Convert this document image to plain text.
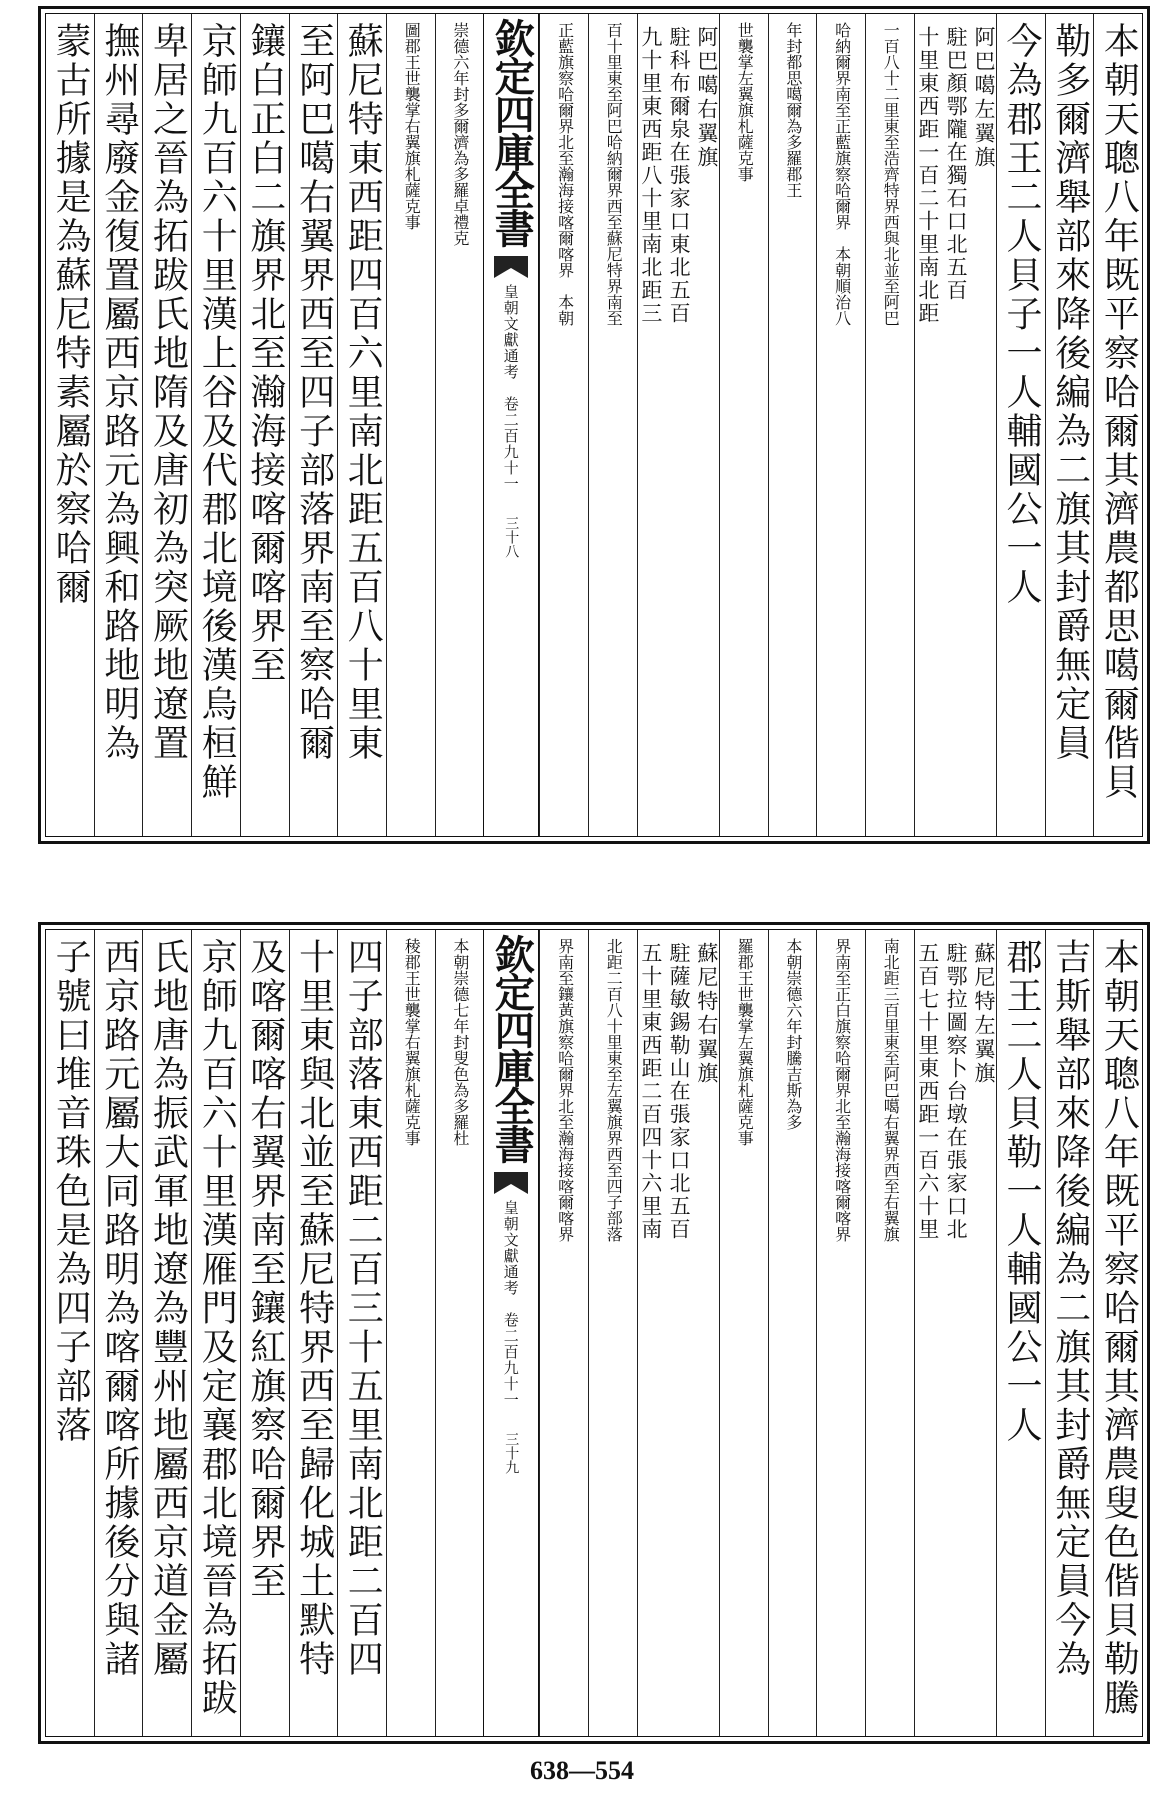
本朝天聰八年既平察哈爾其濟農都思噶爾偕貝
勒多爾濟舉部來降後編為二旗其封爵無定員
今為郡王二人貝子一人輔國公一人
阿巴噶左翼旗
駐巴顏鄂隴在獨石口北五百
十里東西距一百二十里南北距
一百八十二里東至浩齊特界西與北並至阿巴
哈納爾界南至正藍旗察哈爾界　本朝順治八
年封都思噶爾為多羅郡王
世襲掌左翼旗札薩克事
阿巴噶右翼旗
駐科布爾泉在張家口東北五百
九十里東西距八十里南北距三
百十里東至阿巴哈納爾界西至蘇尼特界南至
正藍旗察哈爾界北至瀚海接喀爾喀界　本朝
欽定四庫全書
皇朝文獻通考　卷二百九十一
三十八
崇德六年封多爾濟為多羅卓禮克
圖郡王世襲掌右翼旗札薩克事
蘇尼特東西距四百六里南北距五百八十里東
至阿巴噶右翼界西至四子部落界南至察哈爾
鑲白正白二旗界北至瀚海接喀爾喀界至
京師九百六十里漢上谷及代郡北境後漢烏桓鮮
卑居之晉為拓跋氏地隋及唐初為突厥地遼置
撫州尋廢金復置屬西京路元為興和路地明為
蒙古所據是為蘇尼特素屬於察哈爾
本朝天聰八年既平察哈爾其濟農叟色偕貝勒騰
吉斯舉部來降後編為二旗其封爵無定員今為
郡王二人貝勒一人輔國公一人
蘇尼特左翼旗
駐鄂拉圖察卜台墩在張家口北
五百七十里東西距一百六十里
南北距三百里東至阿巴噶右翼界西至右翼旗
界南至正白旗察哈爾界北至瀚海接喀爾喀界
本朝崇德六年封騰吉斯為多
羅郡王世襲掌左翼旗札薩克事
蘇尼特右翼旗
駐薩敏錫勒山在張家口北五百
五十里東西距二百四十六里南
北距二百八十里東至左翼旗界西至四子部落
界南至鑲黃旗察哈爾界北至瀚海接喀爾喀界
欽定四庫全書
皇朝文獻通考　卷二百九十一
三十九
本朝崇德七年封叟色為多羅杜
稜郡王世襲掌右翼旗札薩克事
四子部落東西距二百三十五里南北距二百四
十里東與北並至蘇尼特界西至歸化城土默特
及喀爾喀右翼界南至鑲紅旗察哈爾界至
京師九百六十里漢雁門及定襄郡北境晉為拓跋
氏地唐為振武軍地遼為豐州地屬西京道金屬
西京路元屬大同路明為喀爾喀所據後分與諸
子號曰堆音珠色是為四子部落
638—554
